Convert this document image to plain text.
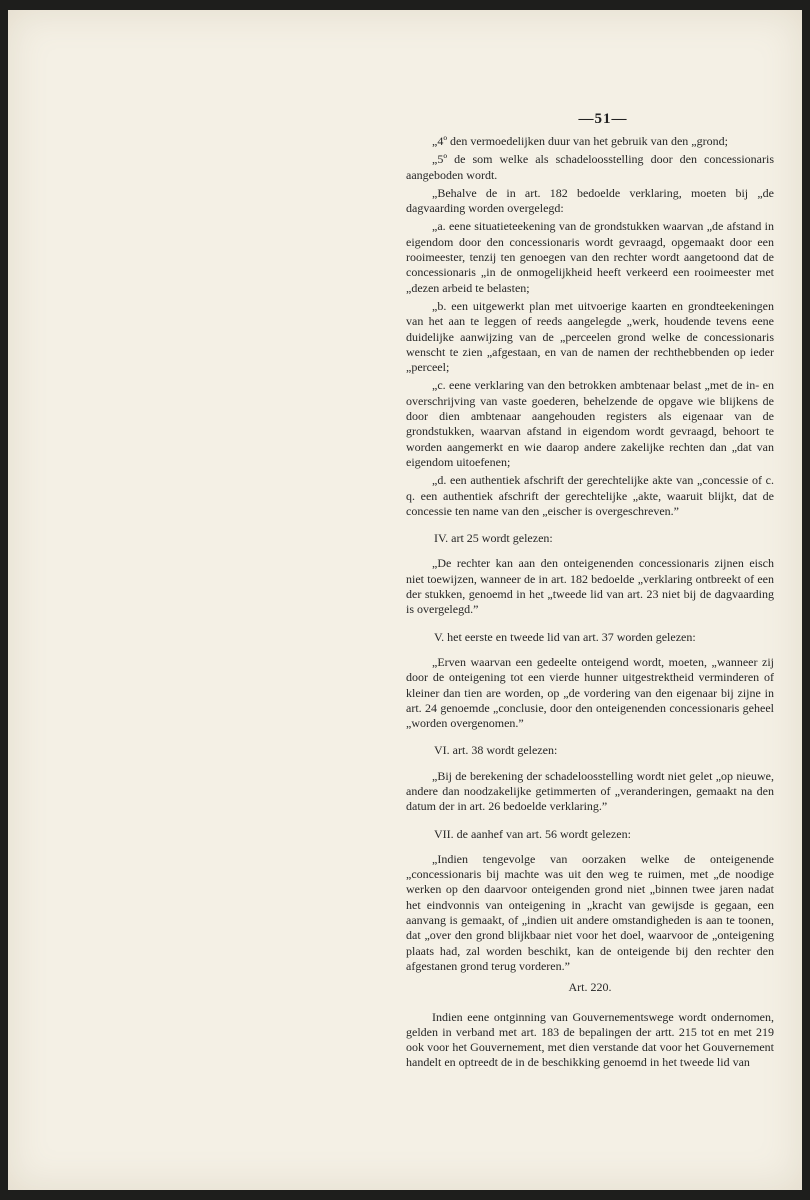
—51—

„4º den vermoedelijken duur van het gebruik van den „grond;

„5º de som welke als schadeloosstelling door den concessionaris aangeboden wordt.

„Behalve de in art. 182 bedoelde verklaring, moeten bij „de dagvaarding worden overgelegd:

„a. eene situatieteekening van de grondstukken waarvan „de afstand in eigendom door den concessionaris wordt gevraagd, opgemaakt door een rooimeester, tenzij ten genoegen van den rechter wordt aangetoond dat de concessionaris „in de onmogelijkheid heeft verkeerd een rooimeester met „dezen arbeid te belasten;

„b. een uitgewerkt plan met uitvoerige kaarten en grondteekeningen van het aan te leggen of reeds aangelegde „werk, houdende tevens eene duidelijke aanwijzing van de „perceelen grond welke de concessionaris wenscht te zien „afgestaan, en van de namen der rechthebbenden op ieder „perceel;

„c. eene verklaring van den betrokken ambtenaar belast „met de in- en overschrijving van vaste goederen, behelzende de opgave wie blijkens de door dien ambtenaar aangehouden registers als eigenaar van de grondstukken, waarvan afstand in eigendom wordt gevraagd, behoort te worden aangemerkt en wie daarop andere zakelijke rechten dan „dat van eigendom uitoefenen;

„d. een authentiek afschrift der gerechtelijke akte van „concessie of c. q. een authentiek afschrift der gerechtelijke „akte, waaruit blijkt, dat de concessie ten name van den „eischer is overgeschreven.”

IV. art 25 wordt gelezen:

„De rechter kan aan den onteigenenden concessionaris zijnen eisch niet toewijzen, wanneer de in art. 182 bedoelde „verklaring ontbreekt of een der stukken, genoemd in het „tweede lid van art. 23 niet bij de dagvaarding is overgelegd.”

V. het eerste en tweede lid van art. 37 worden gelezen:

„Erven waarvan een gedeelte onteigend wordt, moeten, „wanneer zij door de onteigening tot een vierde hunner uitgestrektheid verminderen of kleiner dan tien are worden, op „de vordering van den eigenaar bij zijne in art. 24 genoemde „conclusie, door den onteigenenden concessionaris geheel „worden overgenomen.”

VI. art. 38 wordt gelezen:

„Bij de berekening der schadeloosstelling wordt niet gelet „op nieuwe, andere dan noodzakelijke getimmerten of „veranderingen, gemaakt na den datum der in art. 26 bedoelde verklaring.”

VII. de aanhef van art. 56 wordt gelezen:

„Indien tengevolge van oorzaken welke de onteigenende „concessionaris bij machte was uit den weg te ruimen, met „de noodige werken op den daarvoor onteigenden grond niet „binnen twee jaren nadat het eindvonnis van onteigening in „kracht van gewijsde is gegaan, een aanvang is gemaakt, of „indien uit andere omstandigheden is aan te toonen, dat „over den grond blijkbaar niet voor het doel, waarvoor de „onteigening plaats had, zal worden beschikt, kan de onteigende bij den rechter den afgestanen grond terug vorderen.”

Art. 220.

Indien eene ontginning van Gouvernementswege wordt ondernomen, gelden in verband met art. 183 de bepalingen der artt. 215 tot en met 219 ook voor het Gouvernement, met dien verstande dat voor het Gouvernement handelt en optreedt de in de beschikking genoemd in het tweede lid van
